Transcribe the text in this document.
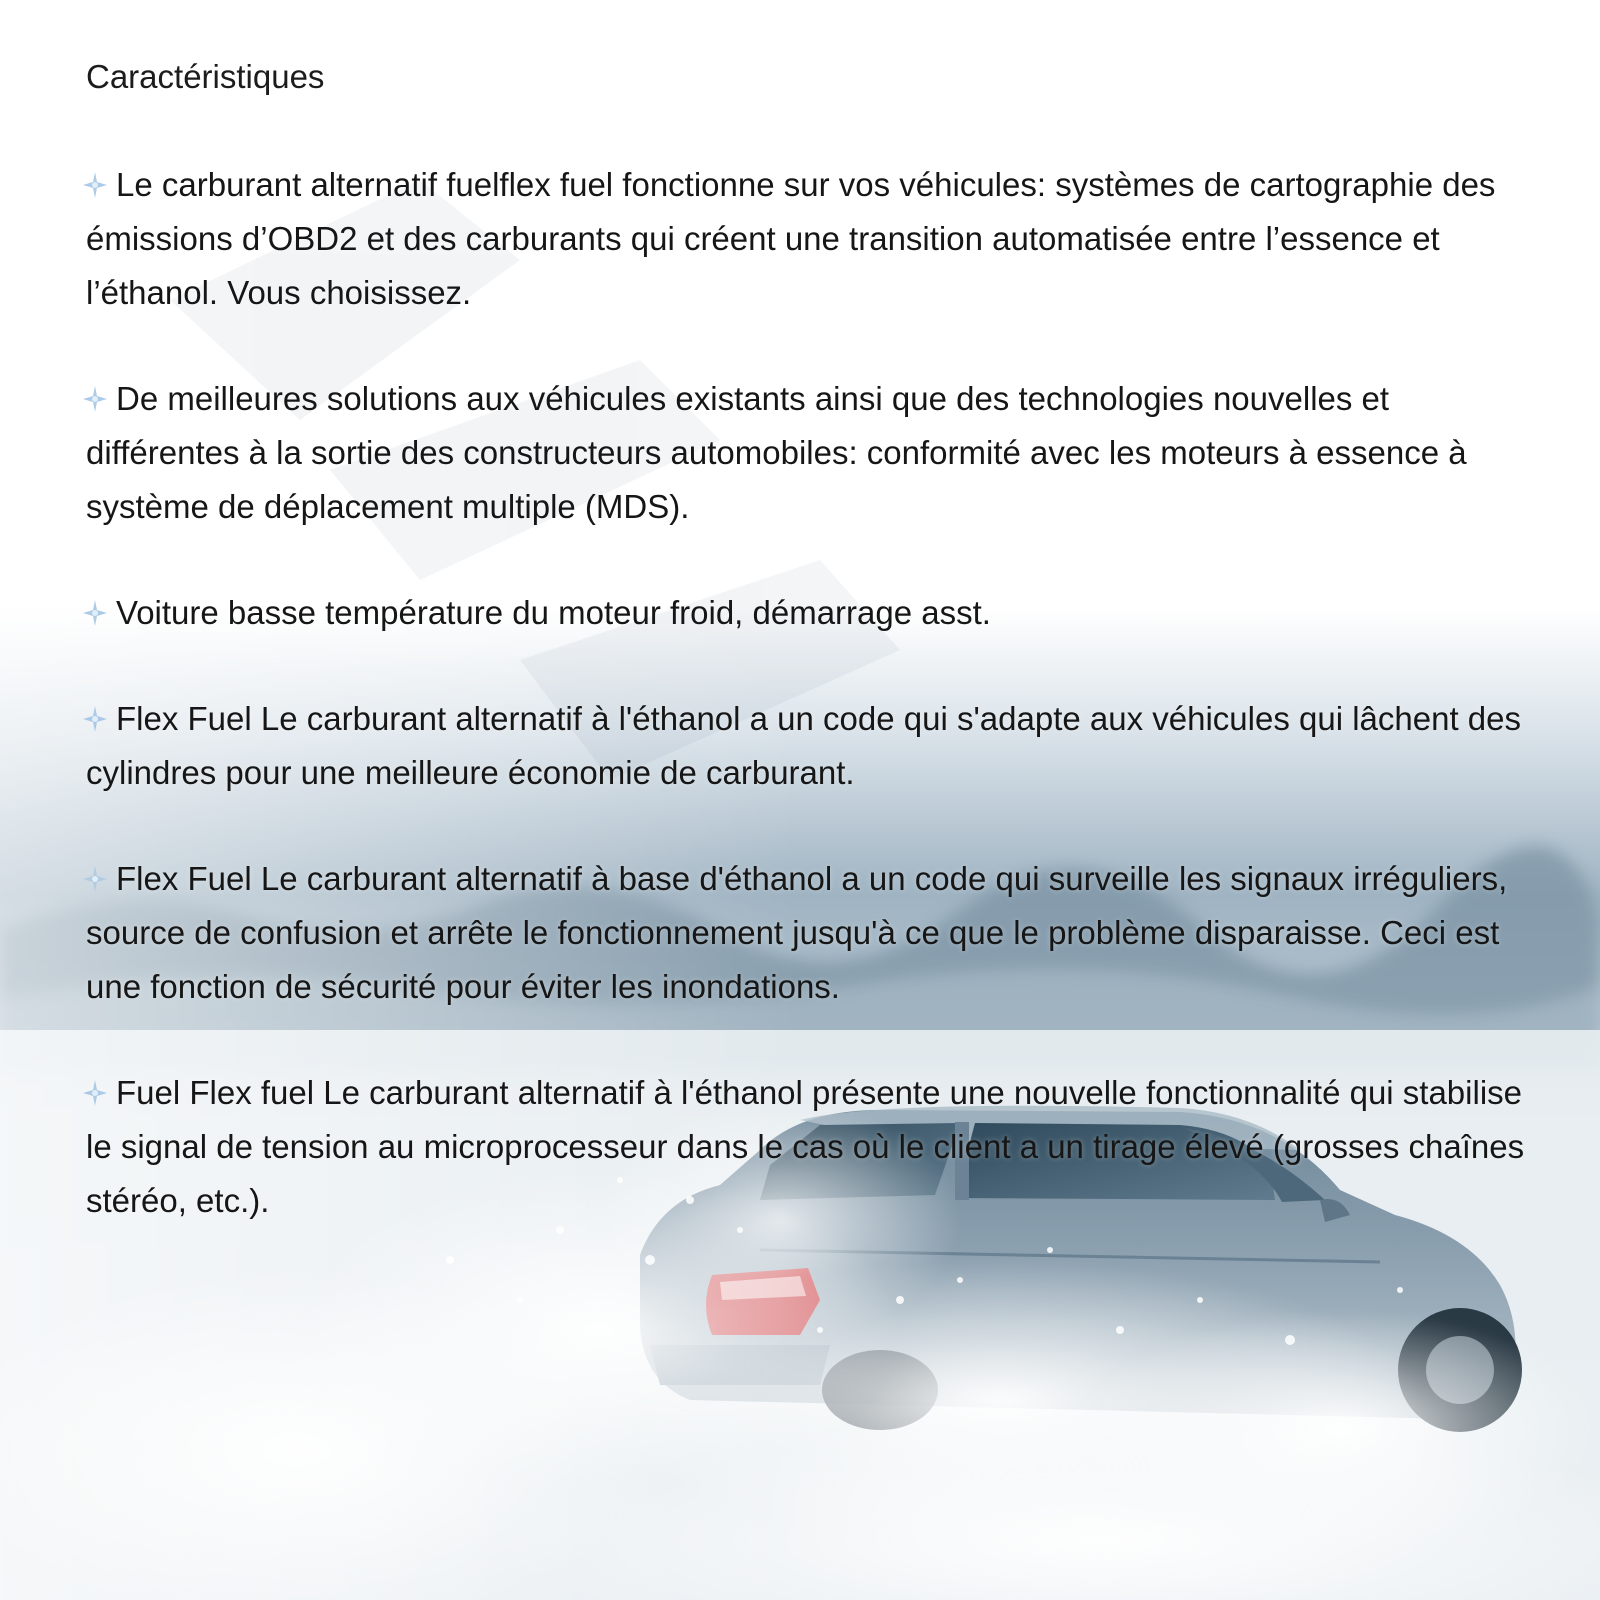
Caractéristiques
Le carburant alternatif fuelflex fuel fonctionne sur vos véhicules: systèmes de cartographie des émissions d’OBD2 et des carburants qui créent une transition automatisée entre l’essence et l’éthanol. Vous choisissez.
De meilleures solutions aux véhicules existants ainsi que des technologies nouvelles et différentes à la sortie des constructeurs automobiles: conformité avec les moteurs à essence à système de déplacement multiple (MDS).
Voiture basse température du moteur froid, démarrage asst.
Flex Fuel Le carburant alternatif à l'éthanol a un code qui s'adapte aux véhicules qui lâchent des cylindres pour une meilleure économie de carburant.
Flex Fuel Le carburant alternatif à base d'éthanol a un code qui surveille les signaux irréguliers, source de confusion et arrête le fonctionnement jusqu'à ce que le problème disparaisse. Ceci est une fonction de sécurité pour éviter les inondations.
Fuel Flex fuel Le carburant alternatif à l'éthanol présente une nouvelle fonctionnalité qui stabilise le signal de tension au microprocesseur dans le cas où le client a un tirage élevé (grosses chaînes stéréo, etc.).
